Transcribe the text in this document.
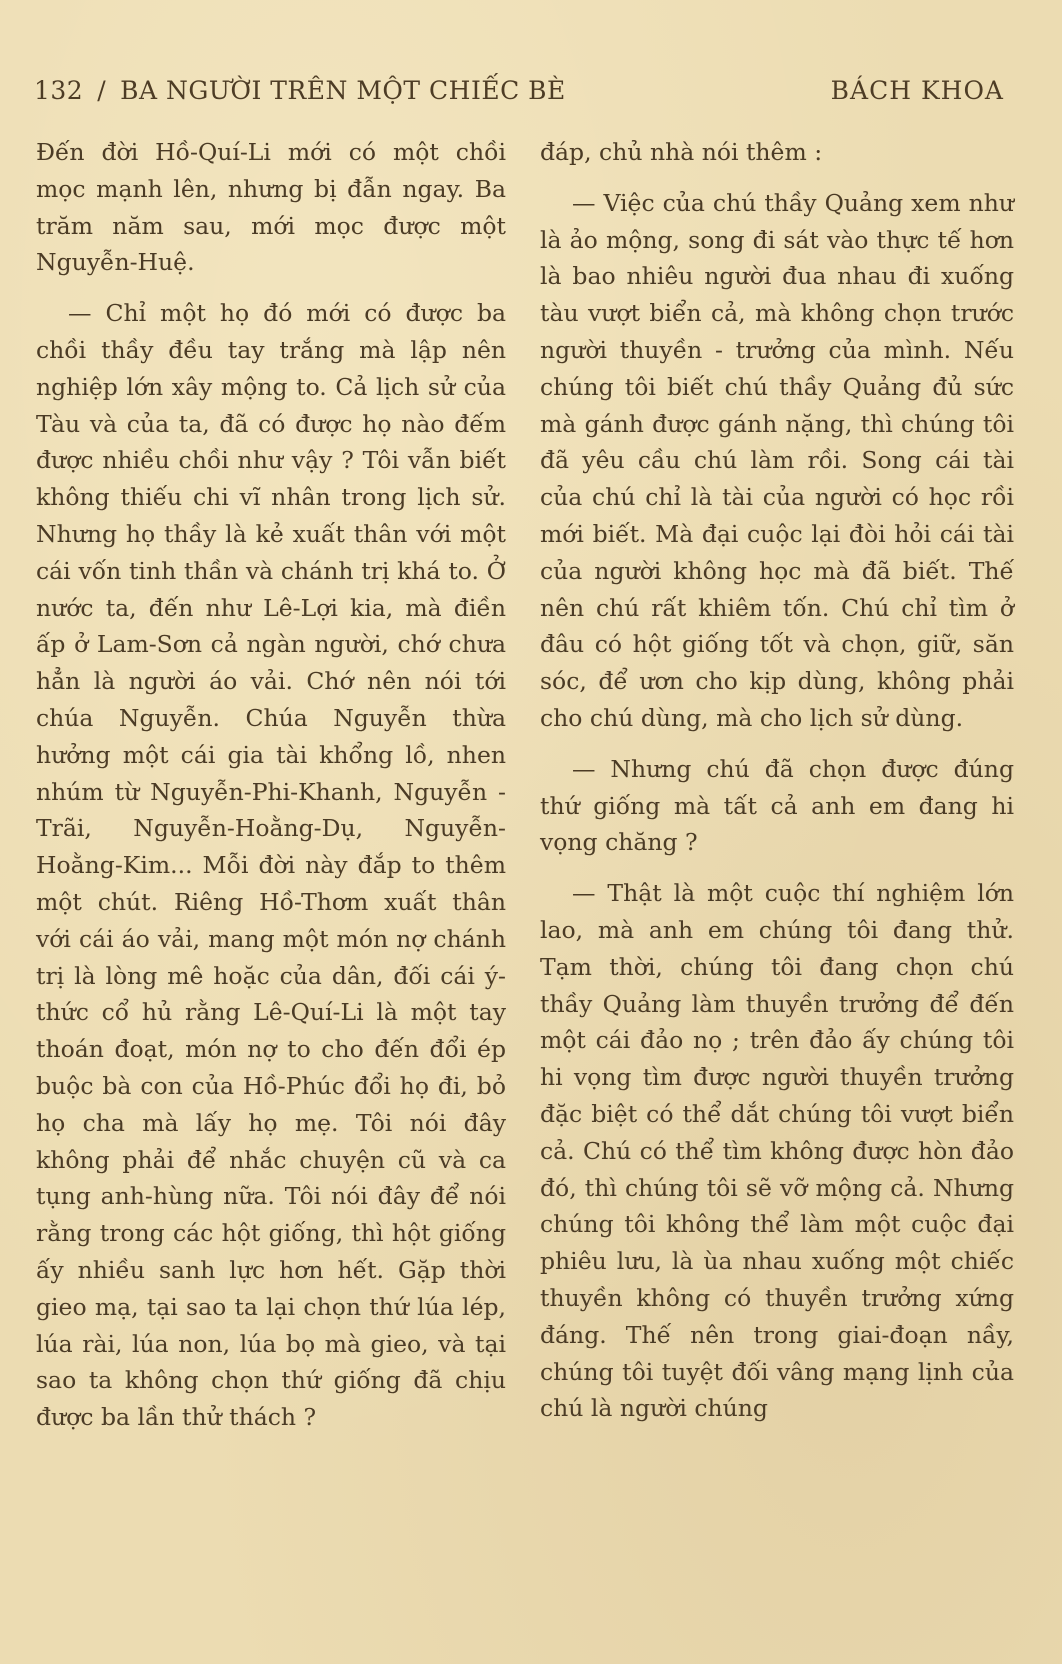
132 / BA NGƯỜI TRÊN MỘT CHIẾC BÈ	BÁCH KHOA

Đến đời Hồ-Quí-Li mới có một chồi mọc mạnh lên, nhưng bị đẫn ngay. Ba trăm năm sau, mới mọc được một Nguyễn-Huệ.

— Chỉ một họ đó mới có được ba chồi thầy đều tay trắng mà lập nên nghiệp lớn xây mộng to. Cả lịch sử của Tàu và của ta, đã có được họ nào đếm được nhiều chồi như vậy ? Tôi vẫn biết không thiếu chi vĩ nhân trong lịch sử. Nhưng họ thầy là kẻ xuất thân với một cái vốn tinh thần và chánh trị khá to. Ở nước ta, đến như Lê-Lợi kia, mà điền ấp ở Lam-Sơn cả ngàn người, chớ chưa hẳn là người áo vải. Chớ nên nói tới chúa Nguyễn. Chúa Nguyễn thừa hưởng một cái gia tài khổng lồ, nhen nhúm từ Nguyễn-Phi-Khanh, Nguyễn - Trãi, Nguyễn-Hoằng-Dụ, Nguyễn-Hoằng-Kim... Mỗi đời này đắp to thêm một chút. Riêng Hồ-Thơm xuất thân với cái áo vải, mang một món nợ chánh trị là lòng mê hoặc của dân, đối cái ý-thức cổ hủ rằng Lê-Quí-Li là một tay thoán đoạt, món nợ to cho đến đổi ép buộc bà con của Hồ-Phúc đổi họ đi, bỏ họ cha mà lấy họ mẹ. Tôi nói đây không phải để nhắc chuyện cũ và ca tụng anh-hùng nữa. Tôi nói đây để nói rằng trong các hột giống, thì hột giống ấy nhiều sanh lực hơn hết. Gặp thời gieo mạ, tại sao ta lại chọn thứ lúa lép, lúa rài, lúa non, lúa bọ mà gieo, và tại sao ta không chọn thứ giống đã chịu được ba lần thử thách ?

đáp, chủ nhà nói thêm :

— Việc của chú thầy Quảng xem như là ảo mộng, song đi sát vào thực tế hơn là bao nhiêu người đua nhau đi xuống tàu vượt biển cả, mà không chọn trước người thuyền - trưởng của mình. Nếu chúng tôi biết chú thầy Quảng đủ sức mà gánh được gánh nặng, thì chúng tôi đã yêu cầu chú làm rồi. Song cái tài của chú chỉ là tài của người có học rồi mới biết. Mà đại cuộc lại đòi hỏi cái tài của người không học mà đã biết. Thế nên chú rất khiêm tốn. Chú chỉ tìm ở đâu có hột giống tốt và chọn, giữ, săn sóc, để ươn cho kịp dùng, không phải cho chú dùng, mà cho lịch sử dùng.

— Nhưng chú đã chọn được đúng thứ giống mà tất cả anh em đang hi vọng chăng ?

— Thật là một cuộc thí nghiệm lớn lao, mà anh em chúng tôi đang thử. Tạm thời, chúng tôi đang chọn chú thầy Quảng làm thuyền trưởng để đến một cái đảo nọ ; trên đảo ấy chúng tôi hi vọng tìm được người thuyền trưởng đặc biệt có thể dắt chúng tôi vượt biển cả. Chú có thể tìm không được hòn đảo đó, thì chúng tôi sẽ vỡ mộng cả. Nhưng chúng tôi không thể làm một cuộc đại phiêu lưu, là ùa nhau xuống một chiếc thuyền không có thuyền trưởng xứng đáng. Thế nên trong giai-đoạn nầy, chúng tôi tuyệt đối vâng mạng lịnh của chú là người chúng
